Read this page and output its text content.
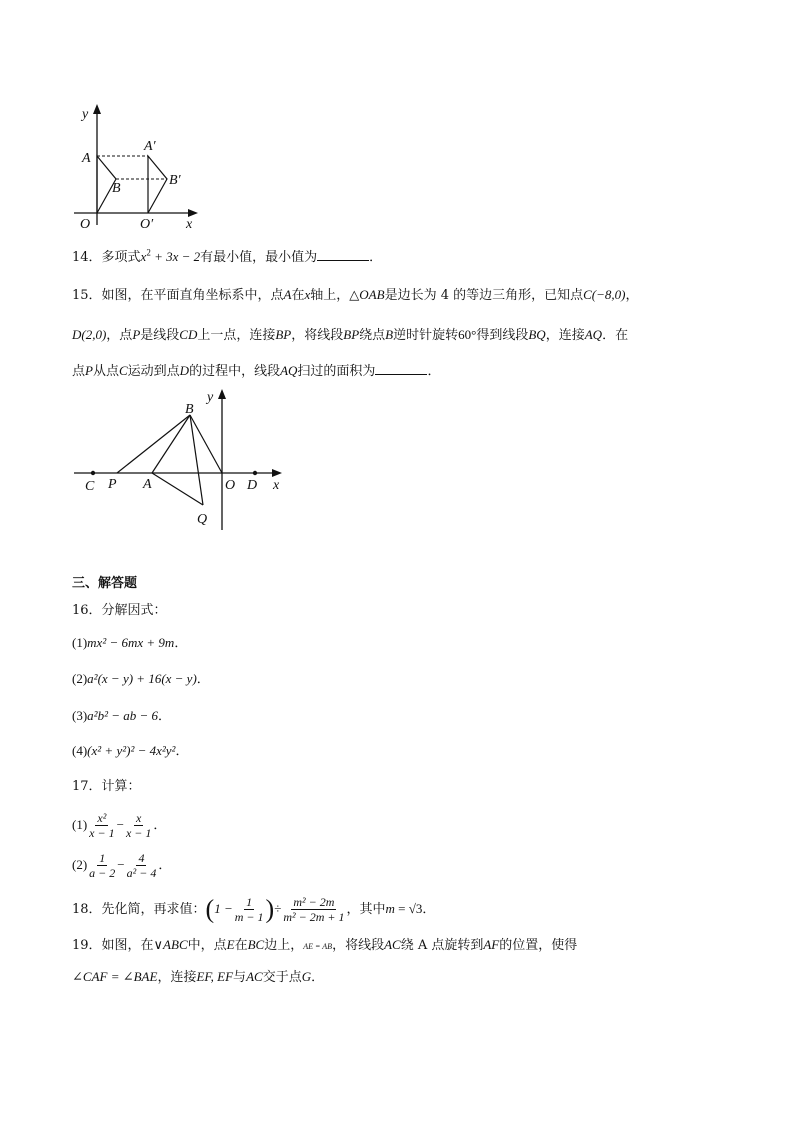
y
A
A′
B
B′
O	O′ x
14．多项式$x^2 + 3x - 2$有最小值，最小值为	．
15．如图，在平面直角坐标系中，点A在x轴上，△OAB是边长为 4 的等边三角形，已知点C(−8,0)，
D(2,0)，点P是线段CD上一点，连接BP，将线段BP绕点B逆时针旋转60°得到线段BQ，连接AQ．在
点P从点C运动到点D的过程中，线段AQ扫过的面积为	．
y
B
C P A	O D x
Q
三、解答题
16．分解因式：
(1)mx² − 6mx + 9m．
(2)a²(x − y) + 16(x − y)．
(3)a²b² − ab − 6．
(4)(x² + y²)² − 4x²y²．
17．计算：
$(1) \frac{\text{x²}}{x - 1} - \frac{x}{x - 1}$ ．
$(2) \frac{1}{a - 2} - \frac{4}{\text{a² − 4}}$ ．
18．先化简，再求值：($1 - \frac{1}{m - 1}$ )÷ $\frac{\text{m² − 2m}}{\text{m² − 2m + 1}}$ ，其中m = √3．
19．如图，在∨ABC中，点E在BC边上，AE = AB，将线段AC绕 A 点旋转到AF的位置，使得
∠CAF = ∠BAE，连接EF, EF与AC交于点G．
